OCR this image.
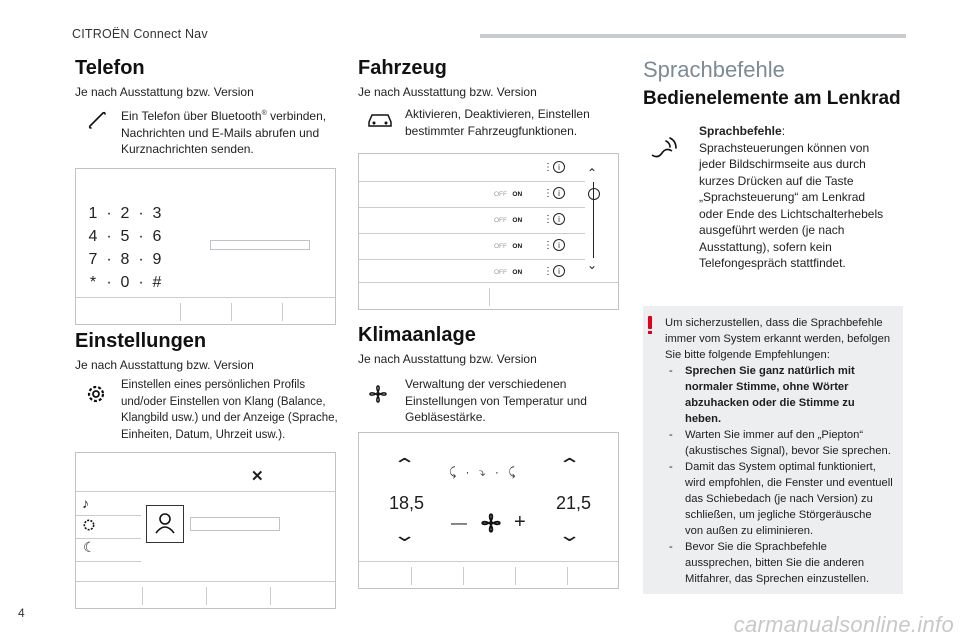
CITROËN Connect Nav
Telefon
Je nach Ausstattung bzw. Version
Ein Telefon über Bluetooth® verbinden,
Nachrichten und E-Mails abrufen und
Kurznachrichten senden.
1 · 2 · 3
4 · 5 · 6
7 · 8 · 9
* · 0 · #
Einstellungen
Je nach Ausstattung bzw. Version
Einstellen eines persönlichen Profils
und/oder Einstellen von Klang (Balance,
Klangbild usw.) und der Anzeige (Sprache,
Einheiten, Datum, Uhrzeit usw.).
✕
♪
☾
Fahrzeug
Je nach Ausstattung bzw. Version
Aktivieren, Deaktivieren, Einstellen
bestimmter Fahrzeugfunktionen.
⋮ i
OFF ON ⋮ i
OFF ON ⋮ i
OFF ON ⋮ i
OFF ON ⋮ i
⌃
⌄
Klimaanlage
Je nach Ausstattung bzw. Version
Verwaltung der verschiedenen
Einstellungen von Temperatur und
Gebläsestärke.
⌃	⌃
⤹ · ⤵ · ⤹
18,5	21,5
— +
⌄	⌄
Sprachbefehle
Bedienelemente am Lenkrad
Sprachbefehle:
Sprachsteuerungen können von
jeder Bildschirmseite aus durch
kurzes Drücken auf die Taste
„Sprachsteuerung“ am Lenkrad
oder Ende des Lichtschalterhebels
ausgeführt werden (je nach
Ausstattung), sofern kein
Telefongespräch stattfindet.

Um sicherzustellen, dass die Sprachbefehle

immer vom System erkannt werden, befolgen

Sie bitte folgende Empfehlungen:

- Sprechen Sie ganz natürlich mit
normaler Stimme, ohne Wörter
abzuhacken oder die Stimme zu
heben.
- Warten Sie immer auf den „Piepton“
(akustisches Signal), bevor Sie sprechen.
- Damit das System optimal funktioniert,
wird empfohlen, die Fenster und eventuell
das Schiebedach (je nach Version) zu
schließen, um jegliche Störgeräusche
von außen zu eliminieren.
- Bevor Sie die Sprachbefehle
aussprechen, bitten Sie die anderen
Mitfahrer, das Sprechen einzustellen.
4	carmanualsonline.info
